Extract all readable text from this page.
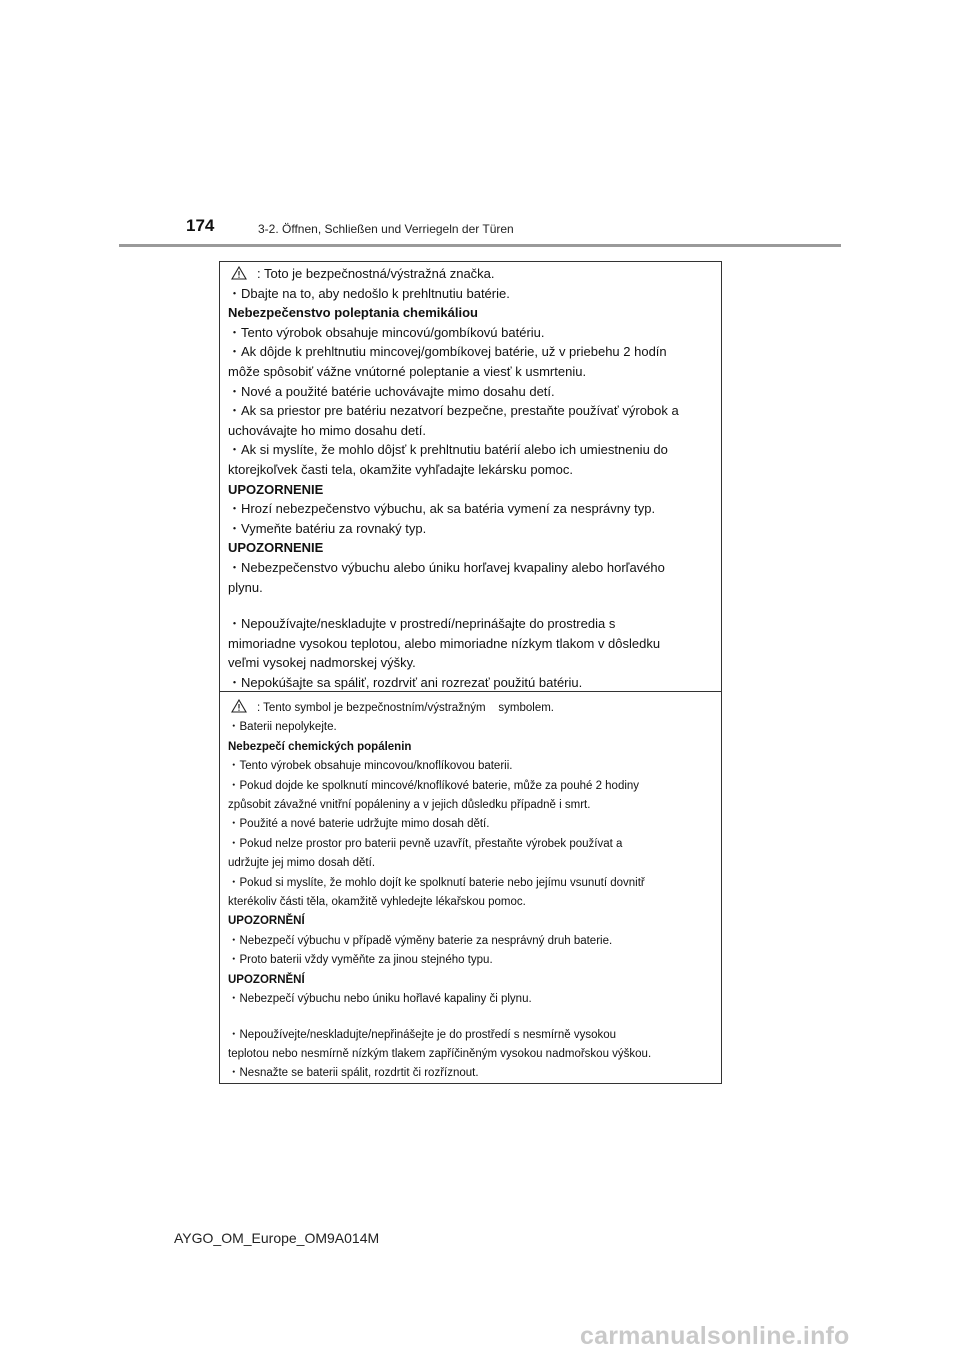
174	3-2. Öffnen, Schließen und Verriegeln der Türen
: Toto je bezpečnostná/výstražná značka.
・Dbajte na to, aby nedošlo k prehltnutiu batérie.
Nebezpečenstvo poleptania chemikáliou
・Tento výrobok obsahuje mincovú/gombíkovú batériu.
・Ak dôjde k prehltnutiu mincovej/gombíkovej batérie, už v priebehu 2 hodín
môže spôsobiť vážne vnútorné poleptanie a viesť k usmrteniu.
・Nové a použité batérie uchovávajte mimo dosahu detí.
・Ak sa priestor pre batériu nezatvorí bezpečne, prestaňte používať výrobok a
uchovávajte ho mimo dosahu detí.
・Ak si myslíte, že mohlo dôjsť k prehltnutiu batérií alebo ich umiestneniu do
ktorejkoľvek časti tela, okamžite vyhľadajte lekársku pomoc.
UPOZORNENIE
・Hrozí nebezpečenstvo výbuchu, ak sa batéria vymení za nesprávny typ.
・Vymeňte batériu za rovnaký typ.
UPOZORNENIE
・Nebezpečenstvo výbuchu alebo úniku horľavej kvapaliny alebo horľavého
plynu.
・Nepoužívajte/neskladujte v prostredí/neprinášajte do prostredia s
mimoriadne vysokou teplotou, alebo mimoriadne nízkym tlakom v dôsledku
veľmi vysokej nadmorskej výšky.
・Nepokúšajte sa spáliť, rozdrviť ani rozrezať použitú batériu.
: Tento symbol je bezpečnostním/výstražným    symbolem.
・Baterii nepolykejte.
Nebezpečí chemických popálenin
・Tento výrobek obsahuje mincovou/knoflíkovou baterii.
・Pokud dojde ke spolknutí mincové/knoflíkové baterie, může za pouhé 2 hodiny
způsobit závažné vnitřní popáleniny a v jejich důsledku případně i smrt.
・Použité a nové baterie udržujte mimo dosah dětí.
・Pokud nelze prostor pro baterii pevně uzavřít, přestaňte výrobek používat a
udržujte jej mimo dosah dětí.
・Pokud si myslíte, že mohlo dojít ke spolknutí baterie nebo jejímu vsunutí dovnitř
kterékoliv části těla, okamžitě vyhledejte lékařskou pomoc.
UPOZORNĚNÍ
・Nebezpečí výbuchu v případě výměny baterie za nesprávný druh baterie.
・Proto baterii vždy vyměňte za jinou stejného typu.
UPOZORNĚNÍ
・Nebezpečí výbuchu nebo úniku hořlavé kapaliny či plynu.
・Nepoužívejte/neskladujte/nepřinášejte je do prostředí s nesmírně vysokou
teplotou nebo nesmírně nízkým tlakem zapříčiněným vysokou nadmořskou výškou.
・Nesnažte se baterii spálit, rozdrtit či rozříznout.
AYGO_OM_Europe_OM9A014M
carmanualsonline.info
